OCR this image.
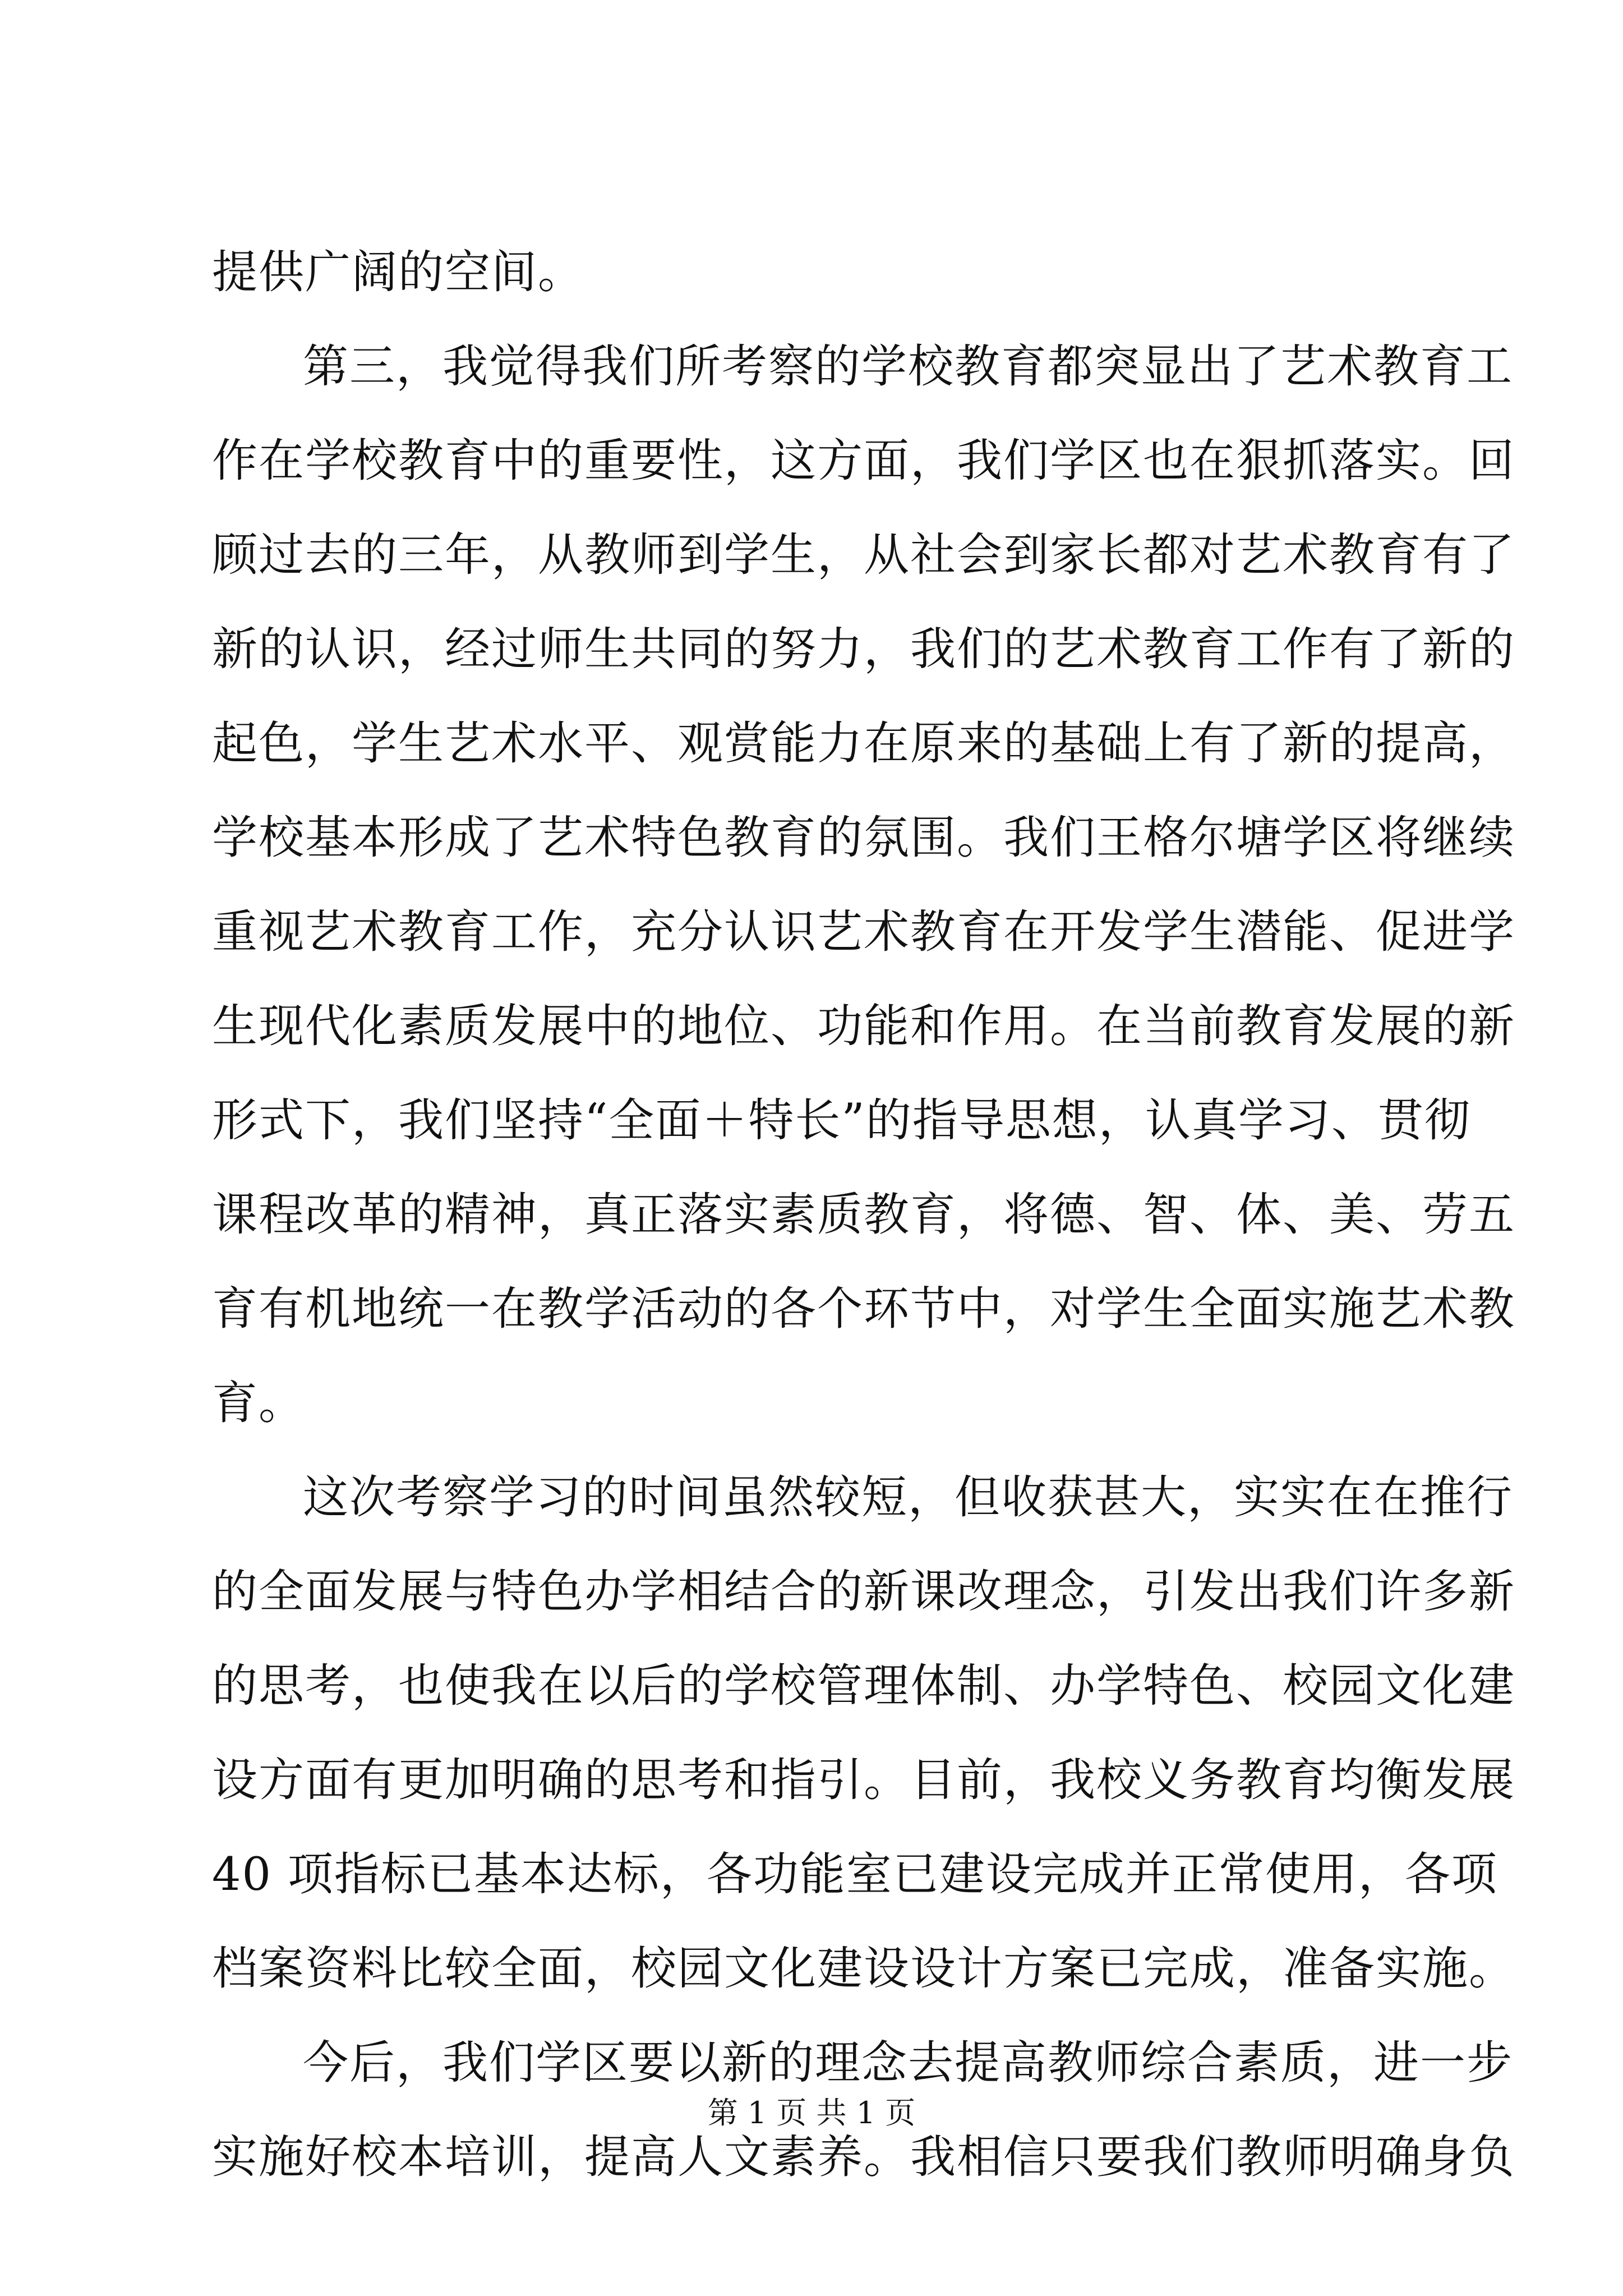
提供广阔的空间。
第三，我觉得我们所考察的学校教育都突显出了艺术教育工
作在学校教育中的重要性，这方面，我们学区也在狠抓落实。回
顾过去的三年，从教师到学生，从社会到家长都对艺术教育有了
新的认识，经过师生共同的努力，我们的艺术教育工作有了新的
起色，学生艺术水平、观赏能力在原来的基础上有了新的提高，
学校基本形成了艺术特色教育的氛围。我们王格尔塘学区将继续
重视艺术教育工作，充分认识艺术教育在开发学生潜能、促进学
生现代化素质发展中的地位、功能和作用。在当前教育发展的新
形式下，我们坚持“全面＋特长”的指导思想，认真学习、贯彻
课程改革的精神，真正落实素质教育，将德、智、体、美、劳五
育有机地统一在教学活动的各个环节中，对学生全面实施艺术教
育。
这次考察学习的时间虽然较短，但收获甚大，实实在在推行
的全面发展与特色办学相结合的新课改理念，引发出我们许多新
的思考，也使我在以后的学校管理体制、办学特色、校园文化建
设方面有更加明确的思考和指引。目前，我校义务教育均衡发展
40 项指标已基本达标，各功能室已建设完成并正常使用，各项
档案资料比较全面，校园文化建设设计方案已完成，准备实施。
今后，我们学区要以新的理念去提高教师综合素质，进一步
实施好校本培训，提高人文素养。我相信只要我们教师明确身负
第 1 页 共 1 页
